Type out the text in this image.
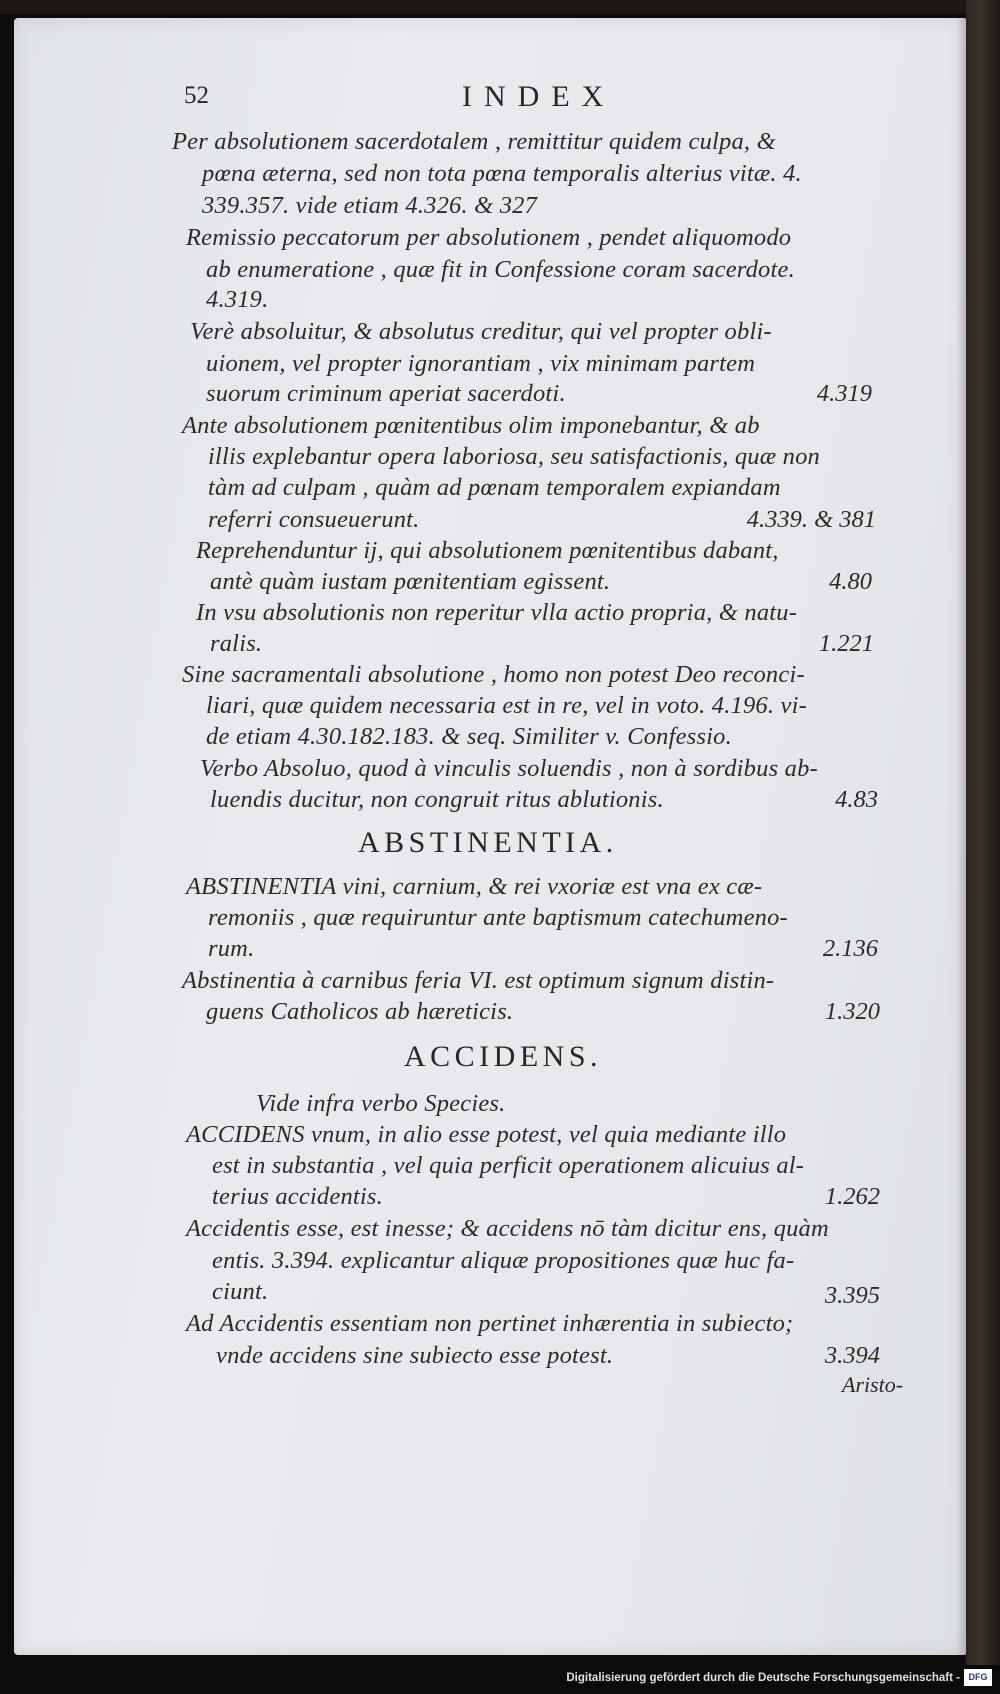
52	INDEX
Per absolutionem sacerdotalem , remittitur quidem culpa, &
pœna æterna, sed non tota pœna temporalis alterius vitæ. 4.
339.357. vide etiam 4.326. & 327
Remissio peccatorum per absolutionem , pendet aliquomodo
ab enumeratione , quæ fit in Confessione coram sacerdote.
4.319.
Verè absoluitur, & absolutus creditur, qui vel propter obli-
uionem, vel propter ignorantiam , vix minimam partem
suorum criminum aperiat sacerdoti.	4.319
Ante absolutionem pœnitentibus olim imponebantur, & ab
illis explebantur opera laboriosa, seu satisfactionis, quæ non
tàm ad culpam , quàm ad pœnam temporalem expiandam
referri consueuerunt.	4.339. & 381
Reprehenduntur ij, qui absolutionem pœnitentibus dabant,
antè quàm iustam pœnitentiam egissent.	4.80
In vsu absolutionis non reperitur vlla actio propria, & natu-
ralis.	1.221
Sine sacramentali absolutione , homo non potest Deo reconci-
liari, quæ quidem necessaria est in re, vel in voto. 4.196. vi-
de etiam 4.30.182.183. & seq. Similiter v. Confessio.
Verbo Absoluo, quod à vinculis soluendis , non à sordibus ab-
luendis ducitur, non congruit ritus ablutionis.	4.83
ABSTINENTIA.
ABSTINENTIA vini, carnium, & rei vxoriæ est vna ex cæ-
remoniis , quæ requiruntur ante baptismum catechumeno-
rum.	2.136
Abstinentia à carnibus feria VI. est optimum signum distin-
guens Catholicos ab hæreticis.	1.320
ACCIDENS.
Vide infra verbo Species.
ACCIDENS vnum, in alio esse potest, vel quia mediante illo
est in substantia , vel quia perficit operationem alicuius al-
terius accidentis.	1.262
Accidentis esse, est inesse; & accidens nō tàm dicitur ens, quàm
entis. 3.394. explicantur aliquæ propositiones quæ huc fa-
ciunt.	3.395
Ad Accidentis essentiam non pertinet inhærentia in subiecto;
vnde accidens sine subiecto esse potest.	3.394
Aristo-
Digitalisierung gefördert durch die Deutsche Forschungsgemeinschaft - DFG
